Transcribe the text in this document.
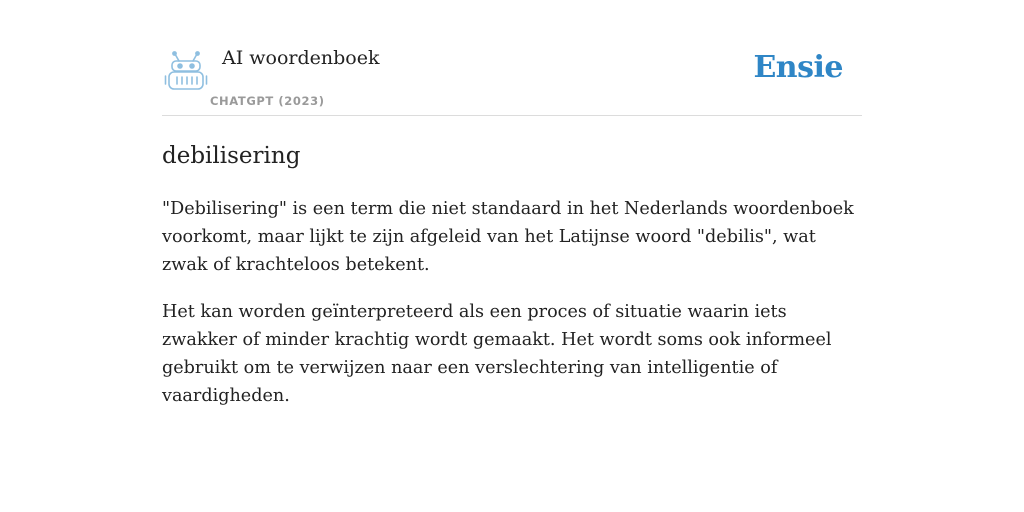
AI woordenboek
CHATGPT (2023)
Ensie
debilisering

"Debilisering" is een term die niet standaard in het Nederlands woordenboek voorkomt, maar lijkt te zijn afgeleid van het Latijnse woord "debilis", wat zwak of krachteloos betekent.

Het kan worden geïnterpreteerd als een proces of situatie waarin iets zwakker of minder krachtig wordt gemaakt. Het wordt soms ook informeel gebruikt om te verwijzen naar een verslechtering van intelligentie of vaardigheden.
